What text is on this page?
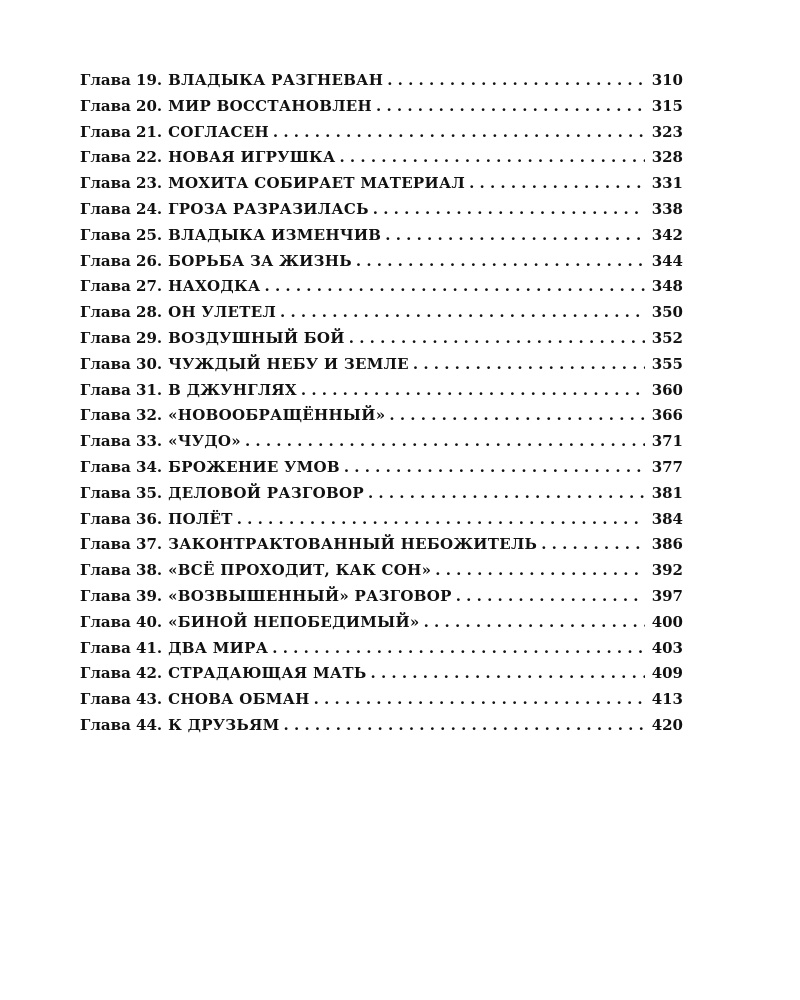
Глава 19. ВЛАДЫКА РАЗГНЕВАН . . .	310
Глава 20. МИР ВОССТАНОВЛЕН . . .	315
Глава 21. СОГЛАСЕН . . .	323
Глава 22. НОВАЯ ИГРУШКА . . .	328
Глава 23. МОХИТА СОБИРАЕТ МАТЕРИАЛ . . .	331
Глава 24. ГРОЗА РАЗРАЗИЛАСЬ . . .	338
Глава 25. ВЛАДЫКА ИЗМЕНЧИВ . . .	342
Глава 26. БОРЬБА ЗА ЖИЗНЬ . . .	344
Глава 27. НАХОДКА . . .	348
Глава 28. ОН УЛЕТЕЛ . . .	350
Глава 29. ВОЗДУШНЫЙ БОЙ . . .	352
Глава 30. ЧУЖДЫЙ НЕБУ И ЗЕМЛЕ . . .	355
Глава 31. В ДЖУНГЛЯХ . . .	360
Глава 32. «НОВООБРАЩЁННЫЙ» . . .	366
Глава 33. «ЧУДО» . . .	371
Глава 34. БРОЖЕНИЕ УМОВ . . .	377
Глава 35. ДЕЛОВОЙ РАЗГОВОР . . .	381
Глава 36. ПОЛЁТ . . .	384
Глава 37. ЗАКОНТРАКТОВАННЫЙ НЕБОЖИТЕЛЬ . . .	386
Глава 38. «ВСЁ ПРОХОДИТ, КАК СОН» . . .	392
Глава 39. «ВОЗВЫШЕННЫЙ» РАЗГОВОР . . .	397
Глава 40. «БИНОЙ НЕПОБЕДИМЫЙ» . . .	400
Глава 41. ДВА МИРА . . .	403
Глава 42. СТРАДАЮЩАЯ МАТЬ . . .	409
Глава 43. СНОВА ОБМАН . . .	413
Глава 44. К ДРУЗЬЯМ . . .	420
